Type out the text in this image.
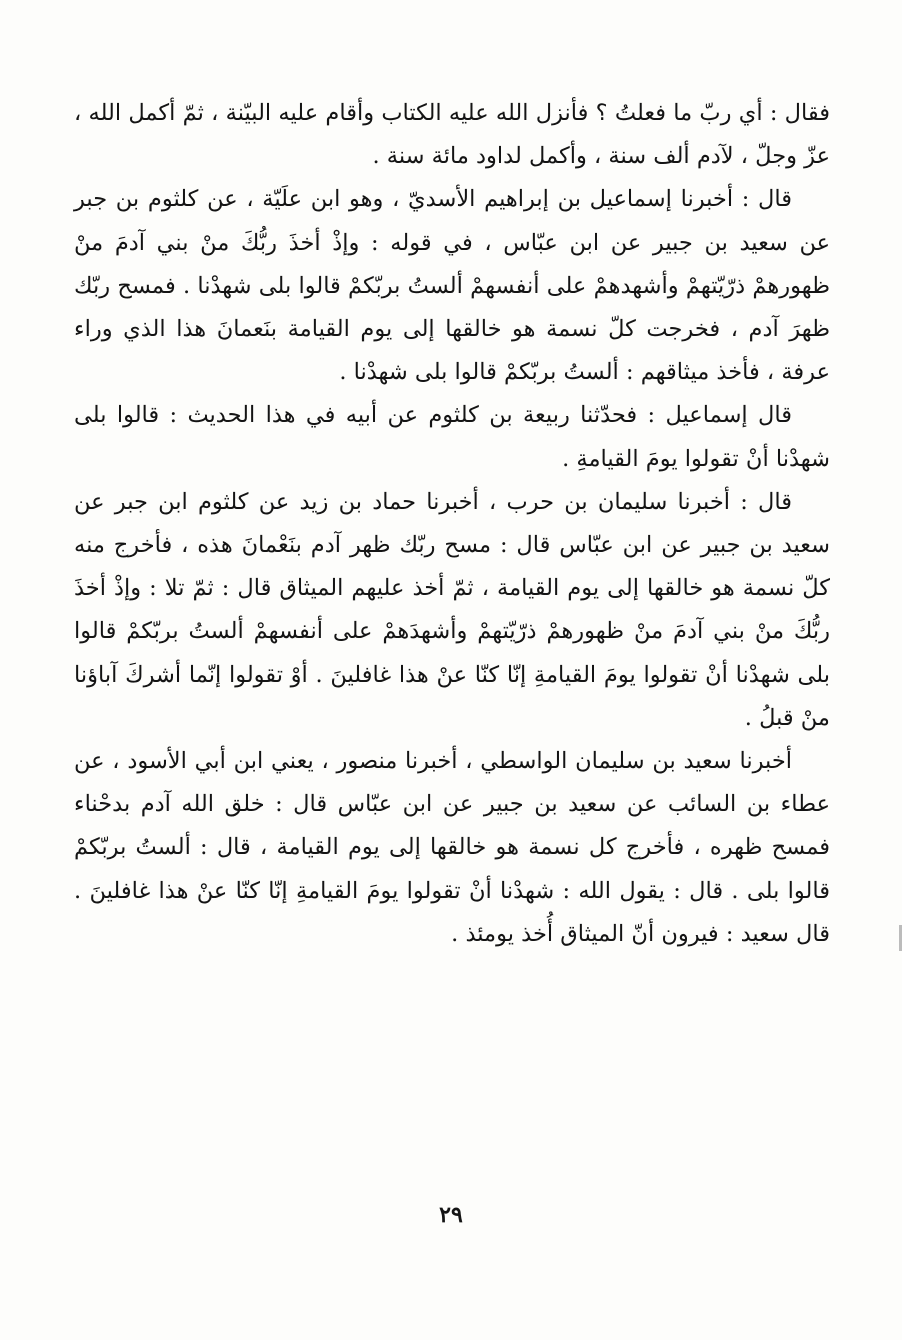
فقال : أي ربّ ما فعلتُ ؟ فأنزل الله عليه الكتاب وأقام عليه البيّنة ، ثمّ أكمل الله ، عزّ وجلّ ، لآدم ألف سنة ، وأكمل لداود مائة سنة .

قال : أخبرنا إسماعيل بن إبراهيم الأسديّ ، وهو ابن علَيّة ، عن كلثوم بن جبر عن سعيد بن جبير عن ابن عبّاس ، في قوله : وإذْ أخذَ ربُّكَ منْ بني آدمَ منْ ظهورهمْ ذرّيّتهمْ وأشهدهمْ على أنفسهمْ ألستُ بربّكمْ قالوا بلى شهدْنا . فمسح ربّك ظهرَ آدم ، فخرجت كلّ نسمة هو خالقها إلى يوم القيامة بنَعمانَ هذا الذي وراء عرفة ، فأخذ ميثاقهم : ألستُ بربّكمْ قالوا بلى شهدْنا .

قال إسماعيل : فحدّثنا ربيعة بن كلثوم عن أبيه في هذا الحديث : قالوا بلى شهدْنا أنْ تقولوا يومَ القيامةِ .

قال : أخبرنا سليمان بن حرب ، أخبرنا حماد بن زيد عن كلثوم ابن جبر عن سعيد بن جبير عن ابن عبّاس قال : مسح ربّك ظهر آدم بنَعْمانَ هذه ، فأخرج منه كلّ نسمة هو خالقها إلى يوم القيامة ، ثمّ أخذ عليهم الميثاق قال : ثمّ تلا : وإذْ أخذَ ربُّكَ منْ بني آدمَ منْ ظهورهمْ ذرّيّتهمْ وأشهدَهمْ على أنفسهمْ ألستُ بربّكمْ قالوا بلى شهدْنا أنْ تقولوا يومَ القيامةِ إنّا كنّا عنْ هذا غافلينَ . أوْ تقولوا إنّما أشركَ آباؤنا منْ قبلُ .

أخبرنا سعيد بن سليمان الواسطي ، أخبرنا منصور ، يعني ابن أبي الأسود ، عن عطاء بن السائب عن سعيد بن جبير عن ابن عبّاس قال : خلق الله آدم بدحْناء فمسح ظهره ، فأخرج كل نسمة هو خالقها إلى يوم القيامة ، قال : ألستُ بربّكمْ قالوا بلى . قال : يقول الله : شهدْنا أنْ تقولوا يومَ القيامةِ إنّا كنّا عنْ هذا غافلينَ . قال سعيد : فيرون أنّ الميثاق أُخذ يومئذ .

٢٩
